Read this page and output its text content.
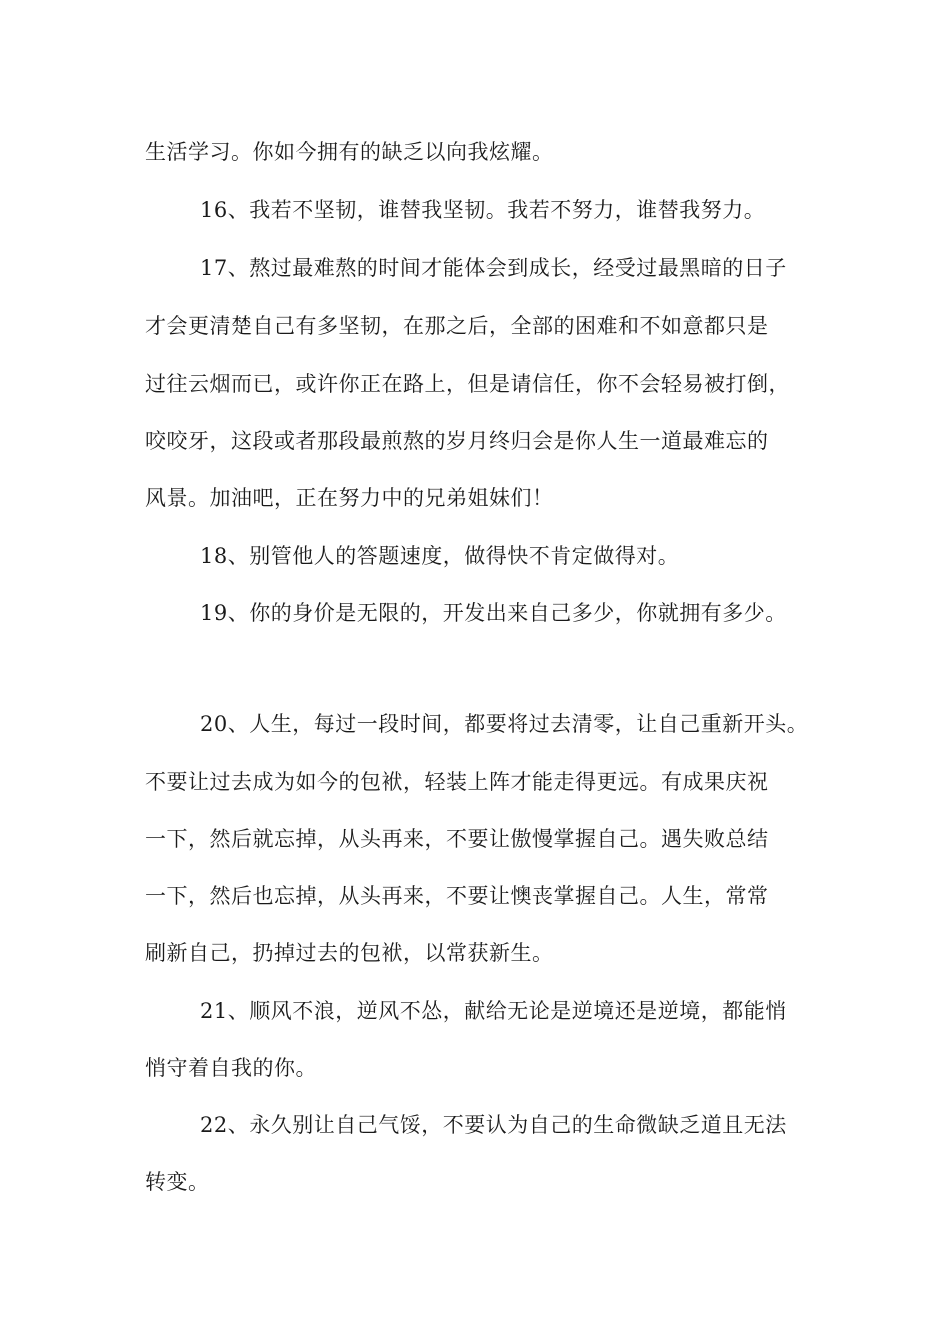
生活学习。你如今拥有的缺乏以向我炫耀。
16、我若不坚韧，谁替我坚韧。我若不努力，谁替我努力。
17、熬过最难熬的时间才能体会到成长，经受过最黑暗的日子
才会更清楚自己有多坚韧，在那之后，全部的困难和不如意都只是
过往云烟而已，或许你正在路上，但是请信任，你不会轻易被打倒，
咬咬牙，这段或者那段最煎熬的岁月终归会是你人生一道最难忘的
风景。加油吧，正在努力中的兄弟姐妹们！
18、别管他人的答题速度，做得快不肯定做得对。
19、你的身价是无限的，开发出来自己多少，你就拥有多少。
20、人生，每过一段时间，都要将过去清零，让自己重新开头。
不要让过去成为如今的包袱，轻装上阵才能走得更远。有成果庆祝
一下，然后就忘掉，从头再来，不要让傲慢掌握自己。遇失败总结
一下，然后也忘掉，从头再来，不要让懊丧掌握自己。人生，常常
刷新自己，扔掉过去的包袱，以常获新生。
21、顺风不浪，逆风不怂，献给无论是逆境还是逆境，都能悄
悄守着自我的你。
22、永久别让自己气馁，不要认为自己的生命微缺乏道且无法
转变。
